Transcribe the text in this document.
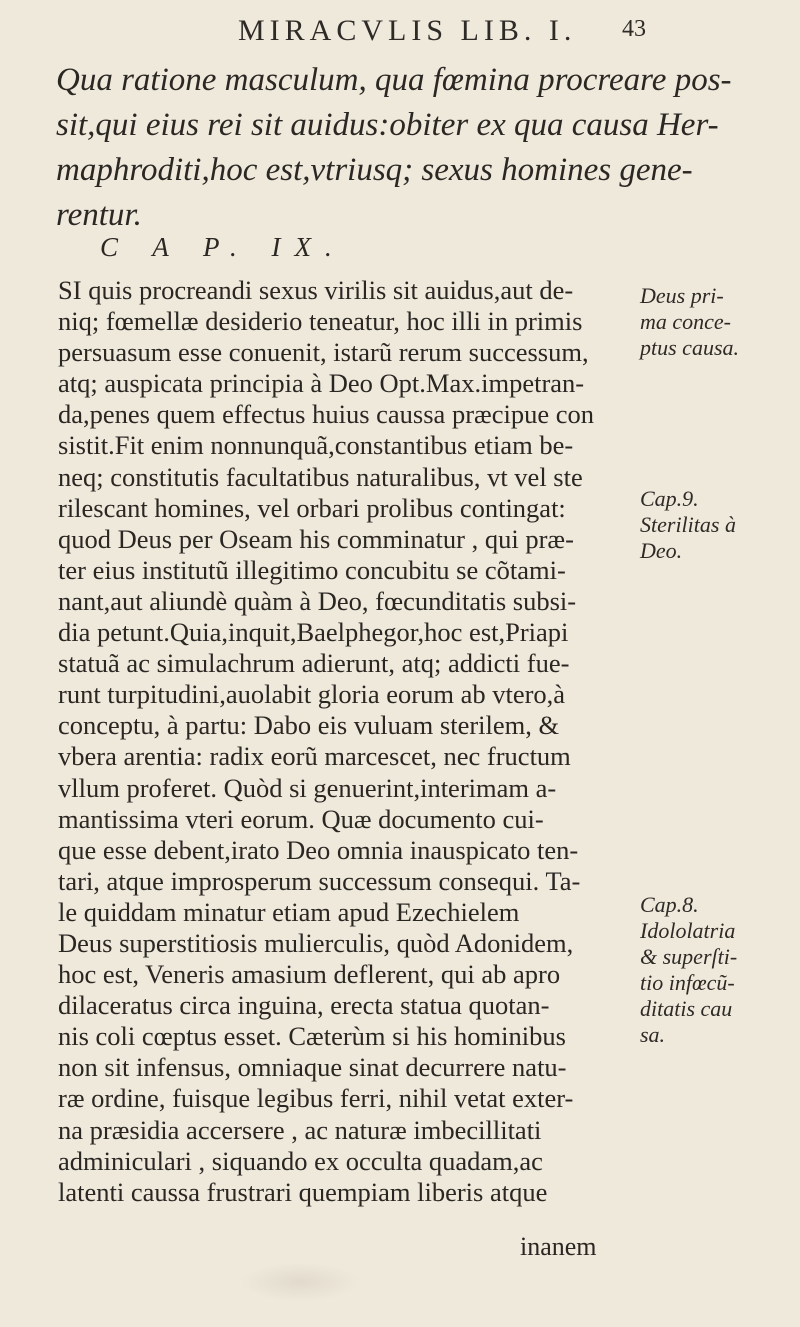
MIRACVLIS LIB. I. 43
Qua ratione masculum, qua fœmina procreare pos-
sit,qui eius rei sit auidus:obiter ex qua causa Her-
maphroditi,hoc est,vtriusq; sexus homines gene-
rentur.
C A P. IX.
SI quis procreandi sexus virilis sit auidus,aut de-
niq; fœmellæ desiderio teneatur, hoc illi in primis
persuasum esse conuenit, istarũ rerum successum,
atq; auspicata principia à Deo Opt.Max.impetran-
da,penes quem effectus huius caussa præcipue con
sistit.Fit enim nonnunquã,constantibus etiam be-
neq; constitutis facultatibus naturalibus, vt vel ste
rilescant homines, vel orbari prolibus contingat:
quod Deus per Oseam his comminatur , qui præ-
ter eius institutũ illegitimo concubitu se cõtami-
nant,aut aliundè quàm à Deo, fœcunditatis subsi-
dia petunt.Quia,inquit,Baelphegor,hoc est,Priapi
statuã ac simulachrum adierunt, atq; addicti fue-
runt turpitudini,auolabit gloria eorum ab vtero,à
conceptu, à partu: Dabo eis vuluam sterilem, &
vbera arentia: radix eorũ marcescet, nec fructum
vllum proferet. Quòd si genuerint,interimam a-
mantissima vteri eorum. Quæ documento cui-
que esse debent,irato Deo omnia inauspicato ten-
tari, atque improsperum successum consequi. Ta-
le quiddam minatur etiam apud Ezechielem
Deus superstitiosis mulierculis, quòd Adonidem,
hoc est, Veneris amasium deflerent, qui ab apro
dilaceratus circa inguina, erecta statua quotan-
nis coli cœptus esset. Cæterùm si his hominibus
non sit infensus, omniaque sinat decurrere natu-
ræ ordine, fuisque legibus ferri, nihil vetat exter-
na præsidia accersere , ac naturæ imbecillitati
adminiculari , siquando ex occulta quadam,ac
latenti caussa frustrari quempiam liberis atque
Deus pri-
ma conce-
ptus causa.
Cap.9.
Sterilitas à
Deo.
Cap.8.
Idololatria
& superſti-
tio infœcũ-
ditatis cau
sa.
inanem
